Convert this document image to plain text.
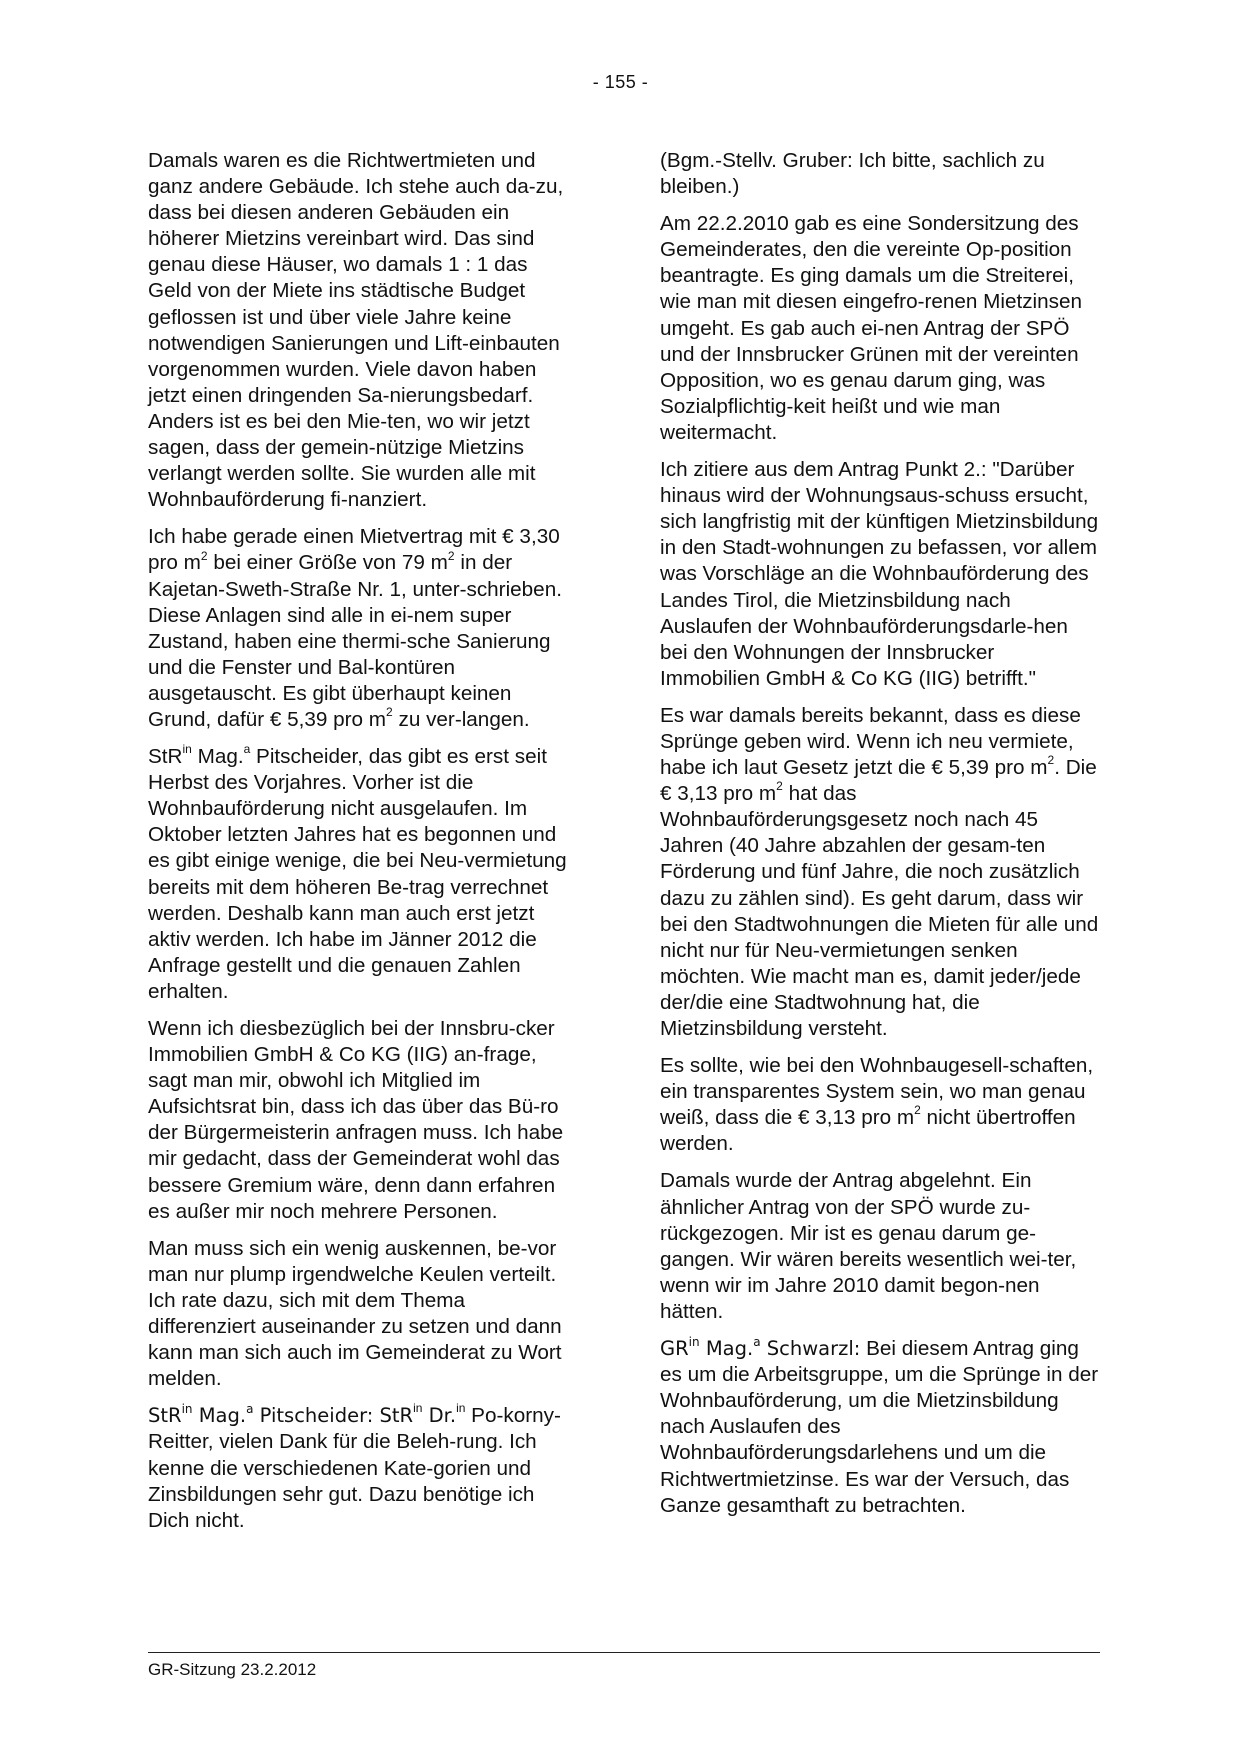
- 155 -

Damals waren es die Richtwertmieten und ganz andere Gebäude. Ich stehe auch da-zu, dass bei diesen anderen Gebäuden ein höherer Mietzins vereinbart wird. Das sind genau diese Häuser, wo damals 1 : 1 das Geld von der Miete ins städtische Budget geflossen ist und über viele Jahre keine notwendigen Sanierungen und Lift-einbauten vorgenommen wurden. Viele davon haben jetzt einen dringenden Sa-nierungsbedarf. Anders ist es bei den Mie-ten, wo wir jetzt sagen, dass der gemein-nützige Mietzins verlangt werden sollte. Sie wurden alle mit Wohnbauförderung fi-nanziert.

Ich habe gerade einen Mietvertrag mit € 3,30 pro $m^2$ bei einer Größe von 79 $m^2$ in der Kajetan-Sweth-Straße Nr. 1, unter-schrieben. Diese Anlagen sind alle in ei-nem super Zustand, haben eine thermi-sche Sanierung und die Fenster und Bal-kontüren ausgetauscht. Es gibt überhaupt keinen Grund, dafür € 5,39 pro $m^2$ zu ver-langen.

StR$^{in}$ Mag.$^a$ Pitscheider, das gibt es erst seit Herbst des Vorjahres. Vorher ist die Wohnbauförderung nicht ausgelaufen. Im Oktober letzten Jahres hat es begonnen und es gibt einige wenige, die bei Neu-vermietung bereits mit dem höheren Be-trag verrechnet werden. Deshalb kann man auch erst jetzt aktiv werden. Ich habe im Jänner 2012 die Anfrage gestellt und die genauen Zahlen erhalten.

Wenn ich diesbezüglich bei der Innsbru-cker Immobilien GmbH & Co KG (IIG) an-frage, sagt man mir, obwohl ich Mitglied im Aufsichtsrat bin, dass ich das über das Bü-ro der Bürgermeisterin anfragen muss. Ich habe mir gedacht, dass der Gemeinderat wohl das bessere Gremium wäre, denn dann erfahren es außer mir noch mehrere Personen.

Man muss sich ein wenig auskennen, be-vor man nur plump irgendwelche Keulen verteilt. Ich rate dazu, sich mit dem Thema differenziert auseinander zu setzen und dann kann man sich auch im Gemeinderat zu Wort melden.

StR$^{in}$ Mag.$^a$ Pitscheider: StR$^{in}$ Dr.$^{in}$ Po-korny-Reitter, vielen Dank für die Beleh-rung. Ich kenne die verschiedenen Kate-gorien und Zinsbildungen sehr gut. Dazu benötige ich Dich nicht.

(Bgm.-Stellv. Gruber: Ich bitte, sachlich zu bleiben.)

Am 22.2.2010 gab es eine Sondersitzung des Gemeinderates, den die vereinte Op-position beantragte. Es ging damals um die Streiterei, wie man mit diesen eingefro-renen Mietzinsen umgeht. Es gab auch ei-nen Antrag der SPÖ und der Innsbrucker Grünen mit der vereinten Opposition, wo es genau darum ging, was Sozialpflichtig-keit heißt und wie man weitermacht.

Ich zitiere aus dem Antrag Punkt 2.: "Darüber hinaus wird der Wohnungsaus-schuss ersucht, sich langfristig mit der künftigen Mietzinsbildung in den Stadt-wohnungen zu befassen, vor allem was Vorschläge an die Wohnbauförderung des Landes Tirol, die Mietzinsbildung nach Auslaufen der Wohnbauförderungsdarle-hen bei den Wohnungen der Innsbrucker Immobilien GmbH & Co KG (IIG) betrifft."

Es war damals bereits bekannt, dass es diese Sprünge geben wird. Wenn ich neu vermiete, habe ich laut Gesetz jetzt die € 5,39 pro $m^2$. Die € 3,13 pro $m^2$ hat das Wohnbauförderungsgesetz noch nach 45 Jahren (40 Jahre abzahlen der gesam-ten Förderung und fünf Jahre, die noch zusätzlich dazu zu zählen sind). Es geht darum, dass wir bei den Stadtwohnungen die Mieten für alle und nicht nur für Neu-vermietungen senken möchten. Wie macht man es, damit jeder/jede der/die eine Stadtwohnung hat, die Mietzinsbildung versteht.

Es sollte, wie bei den Wohnbaugesell-schaften, ein transparentes System sein, wo man genau weiß, dass die € 3,13 pro $m^2$ nicht übertroffen werden.

Damals wurde der Antrag abgelehnt. Ein ähnlicher Antrag von der SPÖ wurde zu-rückgezogen. Mir ist es genau darum ge-gangen. Wir wären bereits wesentlich wei-ter, wenn wir im Jahre 2010 damit begon-nen hätten.

$GR^{in}$ Mag.$^a$ Schwarzl: Bei diesem Antrag ging es um die Arbeitsgruppe, um die Sprünge in der Wohnbauförderung, um die Mietzinsbildung nach Auslaufen des Wohnbauförderungsdarlehens und um die Richtwertmietzinse. Es war der Versuch, das Ganze gesamthaft zu betrachten.

GR-Sitzung 23.2.2012
